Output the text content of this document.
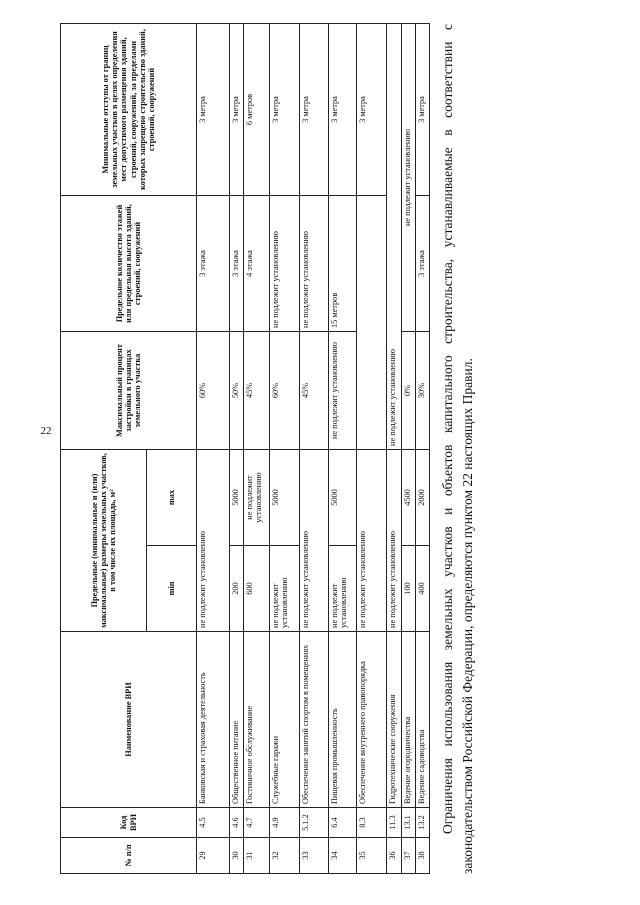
22
№ п/п	Код ВРИ	Наименование ВРИ	Предельные (минимальные и (или) максимальные) размеры земельных участков, в том числе их площадь, м²		Максимальный процент застройки в границах земельного участка	Предельное количество этажей или предельная высота зданий, строений, сооружений	Минимальные отступы от границ земельных участков в целях определения мест допустимого размещения зданий, строений, сооружений, за пределами которых запрещено строительство зданий, строений, сооружений
			min	max			
29	4.5	Банковская и страховая деятельность	не подлежит установлению		60%	3 этажа	3 метра
30	4.6	Общественное питание	200	5000	50%	3 этажа	3 метра
31	4.7	Гостиничное обслуживание	600	не подлежит установлению	45%	4 этажа	6 метров
32	4.9	Служебные гаражи	не подлежит установлению	5000	60%	не подлежит установлению	3 метра
33	5.1.2	Обеспечение занятий спортом в помещениях	не подлежит установлению		45%	не подлежит установлению	3 метра
34	6.4	Пищевая промышленность	не подлежит установлению	5000	не подлежит установлению	15 метров	3 метра
35	8.3	Обеспечение внутреннего правопорядка	не подлежит установлению				3 метра
36	11.3	Гидротехнические сооружения	не подлежит установлению		не подлежит установлению		
37	13.1	Ведение огородничества	100	4500	0%	не подлежит установлению	
38	13.2	Ведение садоводства	400	2000	30%	3 этажа	3 метра Ограничения использования земельных участков и объектов капитального строительства, устанавливаемые в соответствии с законодательством Российской Федерации, определяются пунктом 22 настоящих Правил.
